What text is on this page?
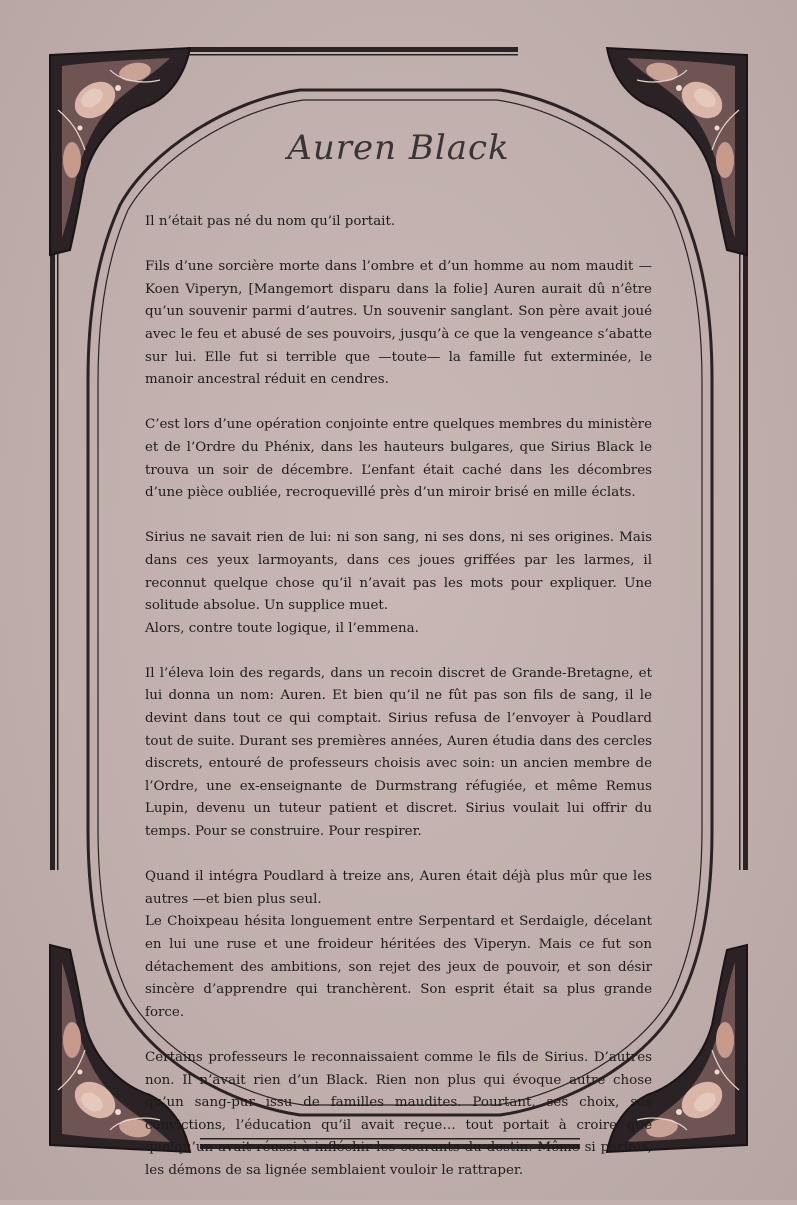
Auren Black

Il n’était pas né du nom qu’il portait.

Fils d’une sorcière morte dans l’ombre et d’un homme au nom maudit —Koen Viperyn, [Mangemort disparu dans la folie] Auren aurait dû n’être qu’un souvenir parmi d’autres. Un souvenir sanglant. Son père avait joué avec le feu et abusé de ses pouvoirs, jusqu’à ce que la vengeance s’abatte sur lui. Elle fut si terrible que —toute— la famille fut exterminée, le manoir ancestral réduit en cendres.

C’est lors d’une opération conjointe entre quelques membres du ministère et de l’Ordre du Phénix, dans les hauteurs bulgares, que Sirius Black le trouva un soir de décembre. L’enfant était caché dans les décombres d’une pièce oubliée, recroquevillé près d’un miroir brisé en mille éclats.

Sirius ne savait rien de lui: ni son sang, ni ses dons, ni ses origines. Mais dans ces yeux larmoyants, dans ces joues griffées par les larmes, il reconnut quelque chose qu’il n’avait pas les mots pour expliquer. Une solitude absolue. Un supplice muet.
Alors, contre toute logique, il l’emmena.

Il l’éleva loin des regards, dans un recoin discret de Grande-Bretagne, et lui donna un nom: Auren. Et bien qu’il ne fût pas son fils de sang, il le devint dans tout ce qui comptait. Sirius refusa de l’envoyer à Poudlard tout de suite. Durant ses premières années, Auren étudia dans des cercles discrets, entouré de professeurs choisis avec soin: un ancien membre de l’Ordre, une ex-enseignante de Durmstrang réfugiée, et même Remus Lupin, devenu un tuteur patient et discret. Sirius voulait lui offrir du temps. Pour se construire. Pour respirer.

Quand il intégra Poudlard à treize ans, Auren était déjà plus mûr que les autres —et bien plus seul.
Le Choixpeau hésita longuement entre Serpentard et Serdaigle, décelant en lui une ruse et une froideur héritées des Viperyn. Mais ce fut son détachement des ambitions, son rejet des jeux de pouvoir, et son désir sincère d’apprendre qui tranchèrent. Son esprit était sa plus grande force.

Certains professeurs le reconnaissaient comme le fils de Sirius. D’autres non. Il n’avait rien d’un Black. Rien non plus qui évoque autre chose qu’un sang-pur issu de familles maudites. Pourtant, ses choix, ses convictions, l’éducation qu’il avait reçue… tout portait à croire que quelqu’un avait réussi à infléchir les courants du destin. Même si parfois, les démons de sa lignée semblaient vouloir le rattraper.
